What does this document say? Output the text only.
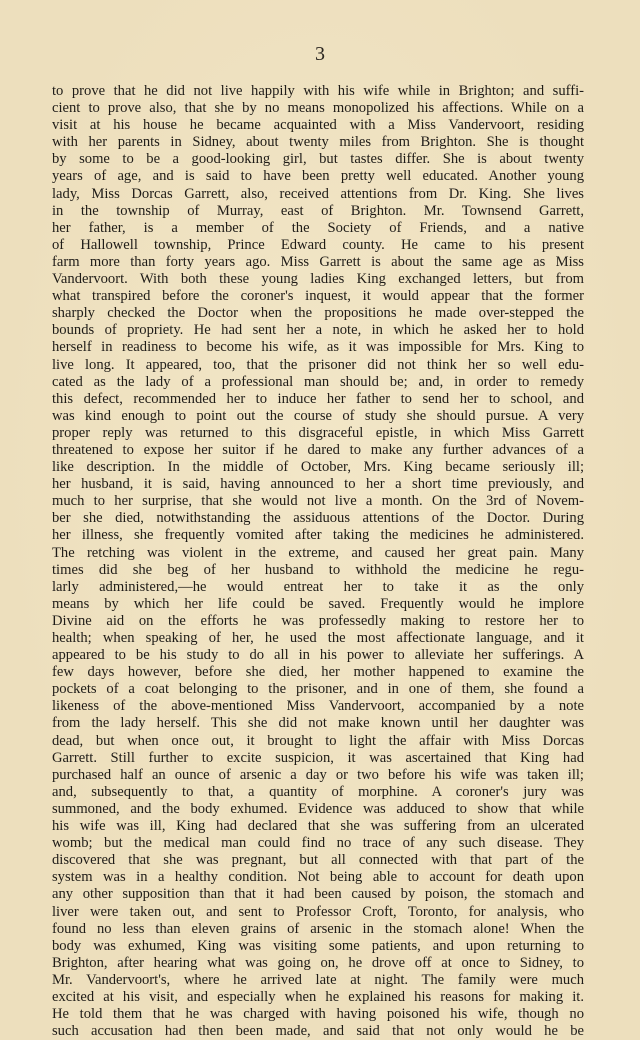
3
to prove that he did not live happily with his wife while in Brighton; and suffi-
cient to prove also, that she by no means monopolized his affections. While on a
visit at his house he became acquainted with a Miss Vandervoort, residing
with her parents in Sidney, about twenty miles from Brighton. She is thought
by some to be a good-looking girl, but tastes differ. She is about twenty
years of age, and is said to have been pretty well educated. Another young
lady, Miss Dorcas Garrett, also, received attentions from Dr. King. She lives
in the township of Murray, east of Brighton. Mr. Townsend Garrett,
her father, is a member of the Society of Friends, and a native
of Hallowell township, Prince Edward county. He came to his present
farm more than forty years ago. Miss Garrett is about the same age as Miss
Vandervoort. With both these young ladies King exchanged letters, but from
what transpired before the coroner's inquest, it would appear that the former
sharply checked the Doctor when the propositions he made over-stepped the
bounds of propriety. He had sent her a note, in which he asked her to hold
herself in readiness to become his wife, as it was impossible for Mrs. King to
live long. It appeared, too, that the prisoner did not think her so well edu-
cated as the lady of a professional man should be; and, in order to remedy
this defect, recommended her to induce her father to send her to school, and
was kind enough to point out the course of study she should pursue. A very
proper reply was returned to this disgraceful epistle, in which Miss Garrett
threatened to expose her suitor if he dared to make any further advances of a
like description. In the middle of October, Mrs. King became seriously ill;
her husband, it is said, having announced to her a short time previously, and
much to her surprise, that she would not live a month. On the 3rd of Novem-
ber she died, notwithstanding the assiduous attentions of the Doctor. During
her illness, she frequently vomited after taking the medicines he administered.
The retching was violent in the extreme, and caused her great pain. Many
times did she beg of her husband to withhold the medicine he regu-
larly administered,—he would entreat her to take it as the only
means by which her life could be saved. Frequently would he implore
Divine aid on the efforts he was professedly making to restore her to
health; when speaking of her, he used the most affectionate language, and it
appeared to be his study to do all in his power to alleviate her sufferings. A
few days however, before she died, her mother happened to examine the
pockets of a coat belonging to the prisoner, and in one of them, she found a
likeness of the above-mentioned Miss Vandervoort, accompanied by a note
from the lady herself. This she did not make known until her daughter was
dead, but when once out, it brought to light the affair with Miss Dorcas
Garrett. Still further to excite suspicion, it was ascertained that King had
purchased half an ounce of arsenic a day or two before his wife was taken ill;
and, subsequently to that, a quantity of morphine. A coroner's jury was
summoned, and the body exhumed. Evidence was adduced to show that while
his wife was ill, King had declared that she was suffering from an ulcerated
womb; but the medical man could find no trace of any such disease. They
discovered that she was pregnant, but all connected with that part of the
system was in a healthy condition. Not being able to account for death upon
any other supposition than that it had been caused by poison, the stomach and
liver were taken out, and sent to Professor Croft, Toronto, for analysis, who
found no less than eleven grains of arsenic in the stomach alone! When the
body was exhumed, King was visiting some patients, and upon returning to
Brighton, after hearing what was going on, he drove off at once to Sidney, to
Mr. Vandervoort's, where he arrived late at night. The family were much
excited at his visit, and especially when he explained his reasons for making it.
He told them that he was charged with having poisoned his wife, though no
such accusation had then been made, and said that not only would he be
